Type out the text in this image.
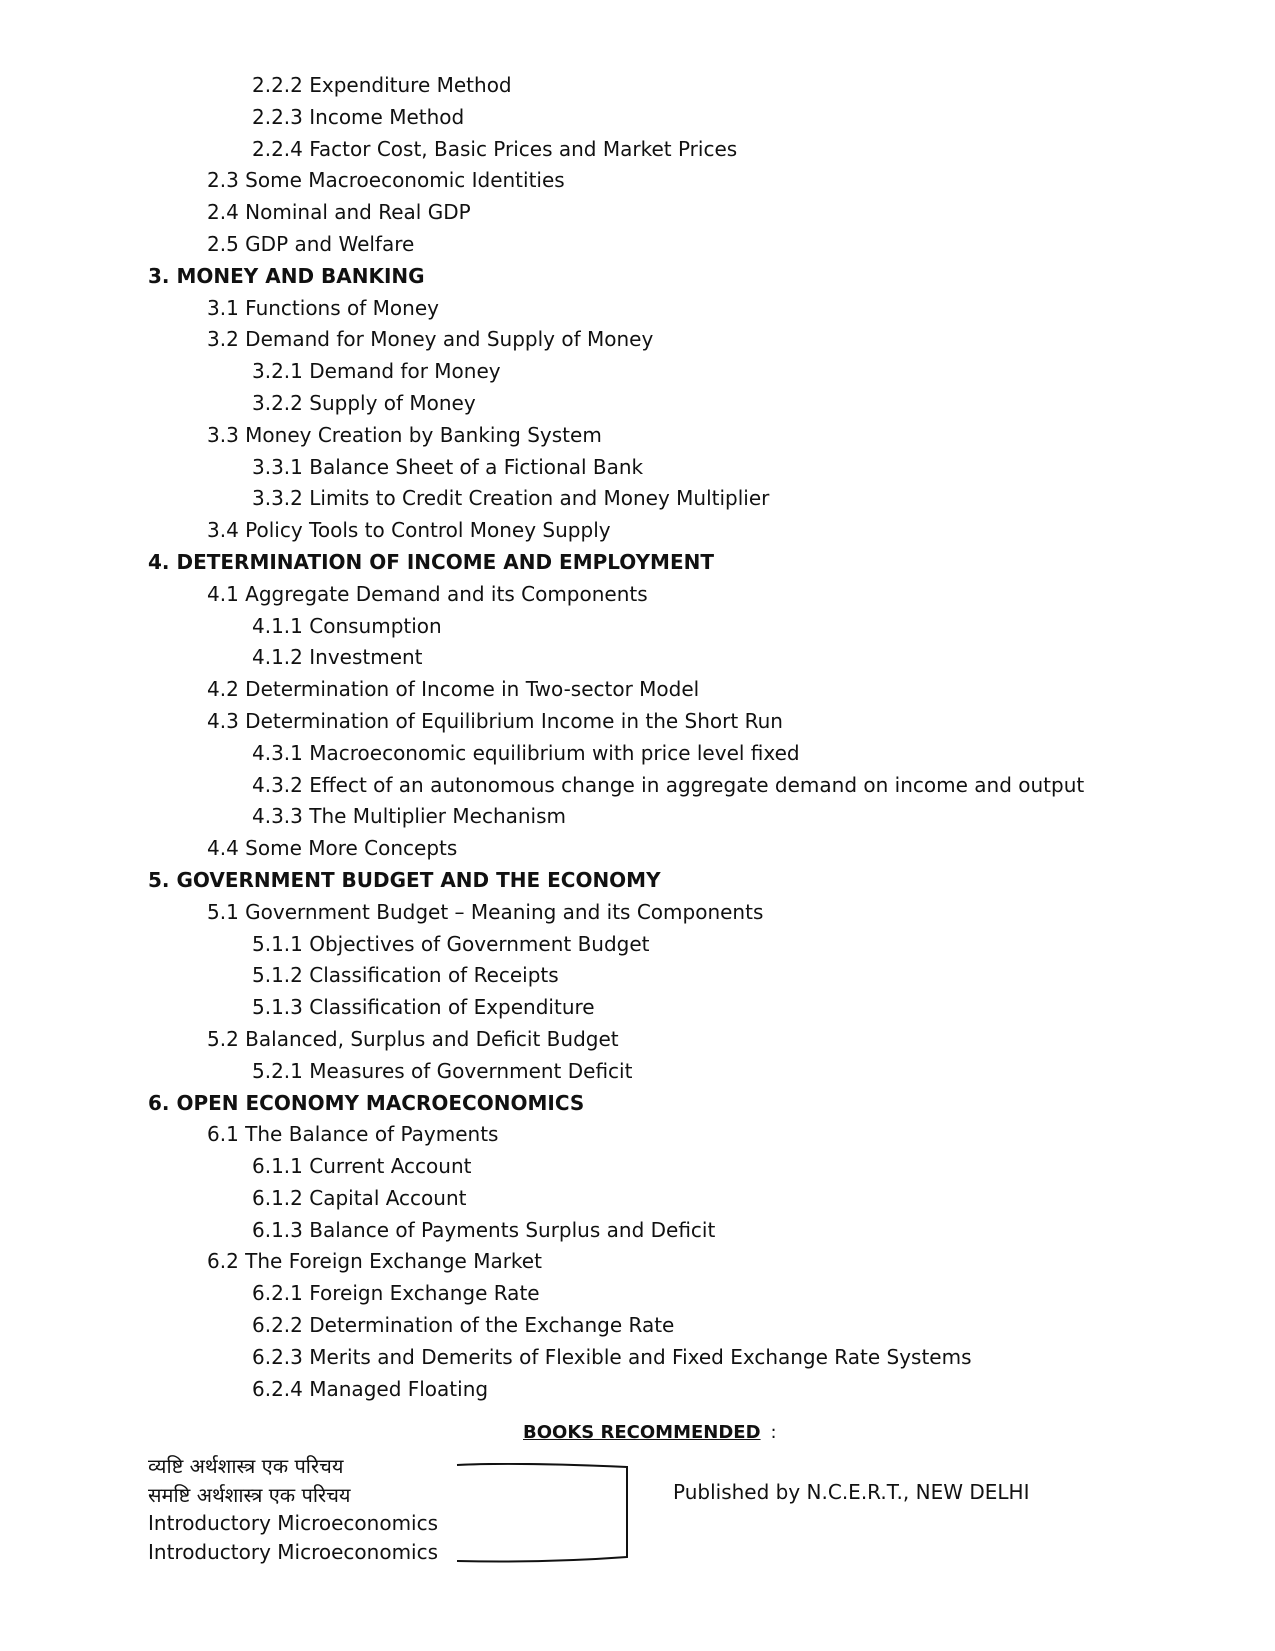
2.2.2 Expenditure Method
2.2.3 Income Method
2.2.4 Factor Cost, Basic Prices and Market Prices
2.3 Some Macroeconomic Identities
2.4 Nominal and Real GDP
2.5 GDP and Welfare
3. MONEY AND BANKING
3.1 Functions of Money
3.2 Demand for Money and Supply of Money
3.2.1 Demand for Money
3.2.2 Supply of Money
3.3 Money Creation by Banking System
3.3.1 Balance Sheet of a Fictional Bank
3.3.2 Limits to Credit Creation and Money Multiplier
3.4 Policy Tools to Control Money Supply
4. DETERMINATION OF INCOME AND EMPLOYMENT
4.1 Aggregate Demand and its Components
4.1.1 Consumption
4.1.2 Investment
4.2 Determination of Income in Two-sector Model
4.3 Determination of Equilibrium Income in the Short Run
4.3.1 Macroeconomic equilibrium with price level fixed
4.3.2 Effect of an autonomous change in aggregate demand on income and output
4.3.3 The Multiplier Mechanism
4.4 Some More Concepts
5. GOVERNMENT BUDGET AND THE ECONOMY
5.1 Government Budget – Meaning and its Components
5.1.1 Objectives of Government Budget
5.1.2 Classification of Receipts
5.1.3 Classification of Expenditure
5.2 Balanced, Surplus and Deficit Budget
5.2.1 Measures of Government Deficit
6. OPEN ECONOMY MACROECONOMICS
6.1 The Balance of Payments
6.1.1 Current Account
6.1.2 Capital Account
6.1.3 Balance of Payments Surplus and Deficit
6.2 The Foreign Exchange Market
6.2.1 Foreign Exchange Rate
6.2.2 Determination of the Exchange Rate
6.2.3 Merits and Demerits of Flexible and Fixed Exchange Rate Systems
6.2.4 Managed Floating
BOOKS RECOMMENDED :
व्यष्टि अर्थशास्त्र एक परिचय
समष्टि अर्थशास्त्र एक परिचय
Introductory Microeconomics
Introductory Microeconomics
Published by N.C.E.R.T., NEW DELHI
